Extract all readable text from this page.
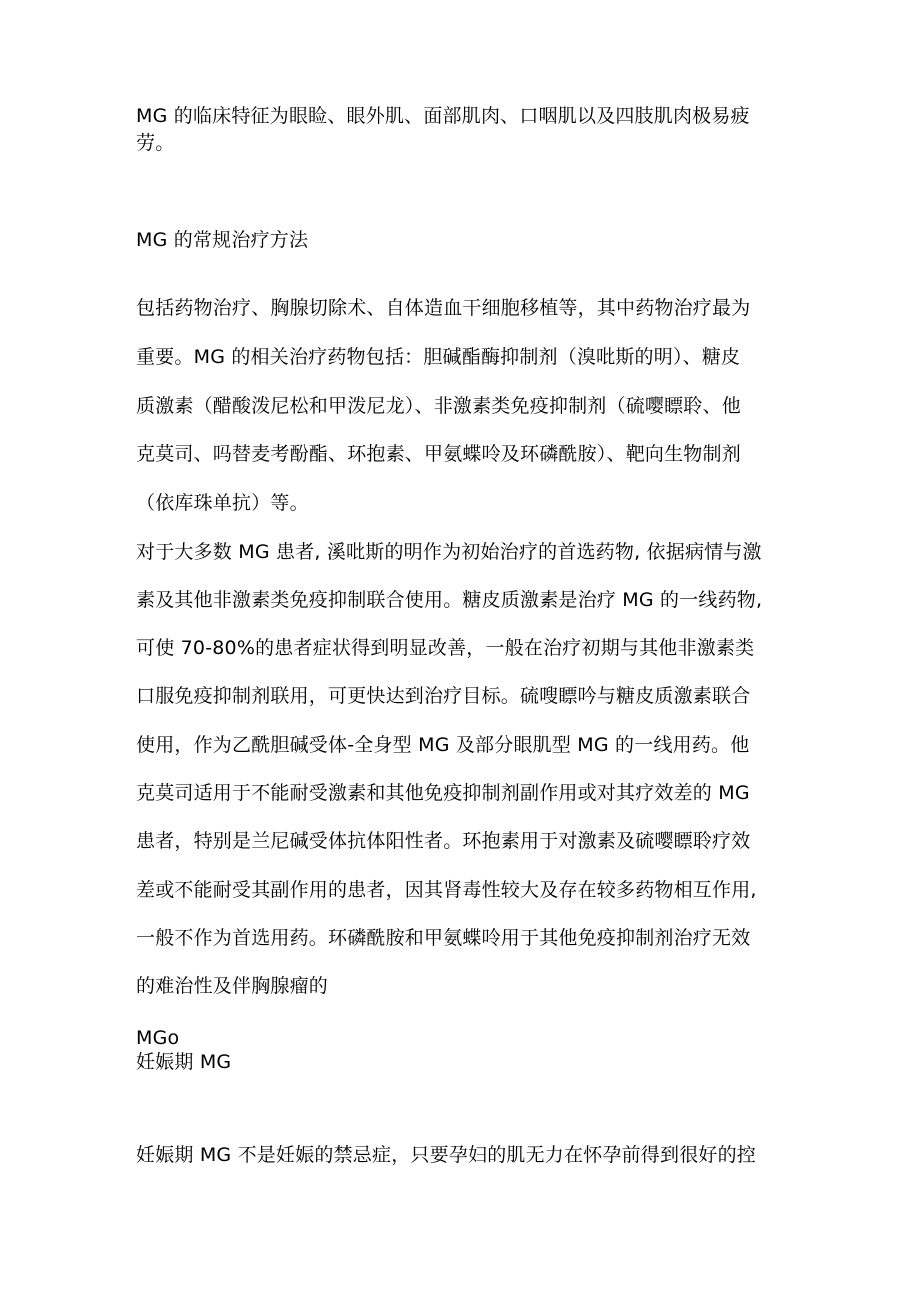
MG 的临床特征为眼睑、眼外肌、面部肌肉、口咽肌以及四肢肌肉极易疲
劳。
MG 的常规治疗方法
包括药物治疗、胸腺切除术、自体造血干细胞移植等，其中药物治疗最为
重要。MG 的相关治疗药物包括：胆碱酯酶抑制剂（溴吡斯的明）、糖皮
质激素（醋酸泼尼松和甲泼尼龙）、非激素类免疫抑制剂（硫嘤瞟聆、他
克莫司、吗替麦考酚酯、环抱素、甲氨蝶呤及环磷酰胺）、靶向生物制剂
（依库珠单抗）等。
对于大多数 MG 患者, 溪吡斯的明作为初始治疗的首选药物, 依据病情与激
素及其他非激素类免疫抑制联合使用。糖皮质激素是治疗 MG 的一线药物,
可使 70-80%的患者症状得到明显改善，一般在治疗初期与其他非激素类
口服免疫抑制剂联用，可更快达到治疗目标。硫嗖瞟吟与糖皮质激素联合
使用，作为乙酰胆碱受体-全身型 MG 及部分眼肌型 MG 的一线用药。他
克莫司适用于不能耐受激素和其他免疫抑制剂副作用或对其疗效差的 MG
患者，特别是兰尼碱受体抗体阳性者。环抱素用于对激素及硫嘤瞟聆疗效
差或不能耐受其副作用的患者，因其肾毒性较大及存在较多药物相互作用,
一般不作为首选用药。环磷酰胺和甲氨蝶呤用于其他免疫抑制剂治疗无效
的难治性及伴胸腺瘤的
MGo
妊娠期 MG
妊娠期 MG 不是妊娠的禁忌症，只要孕妇的肌无力在怀孕前得到很好的控
